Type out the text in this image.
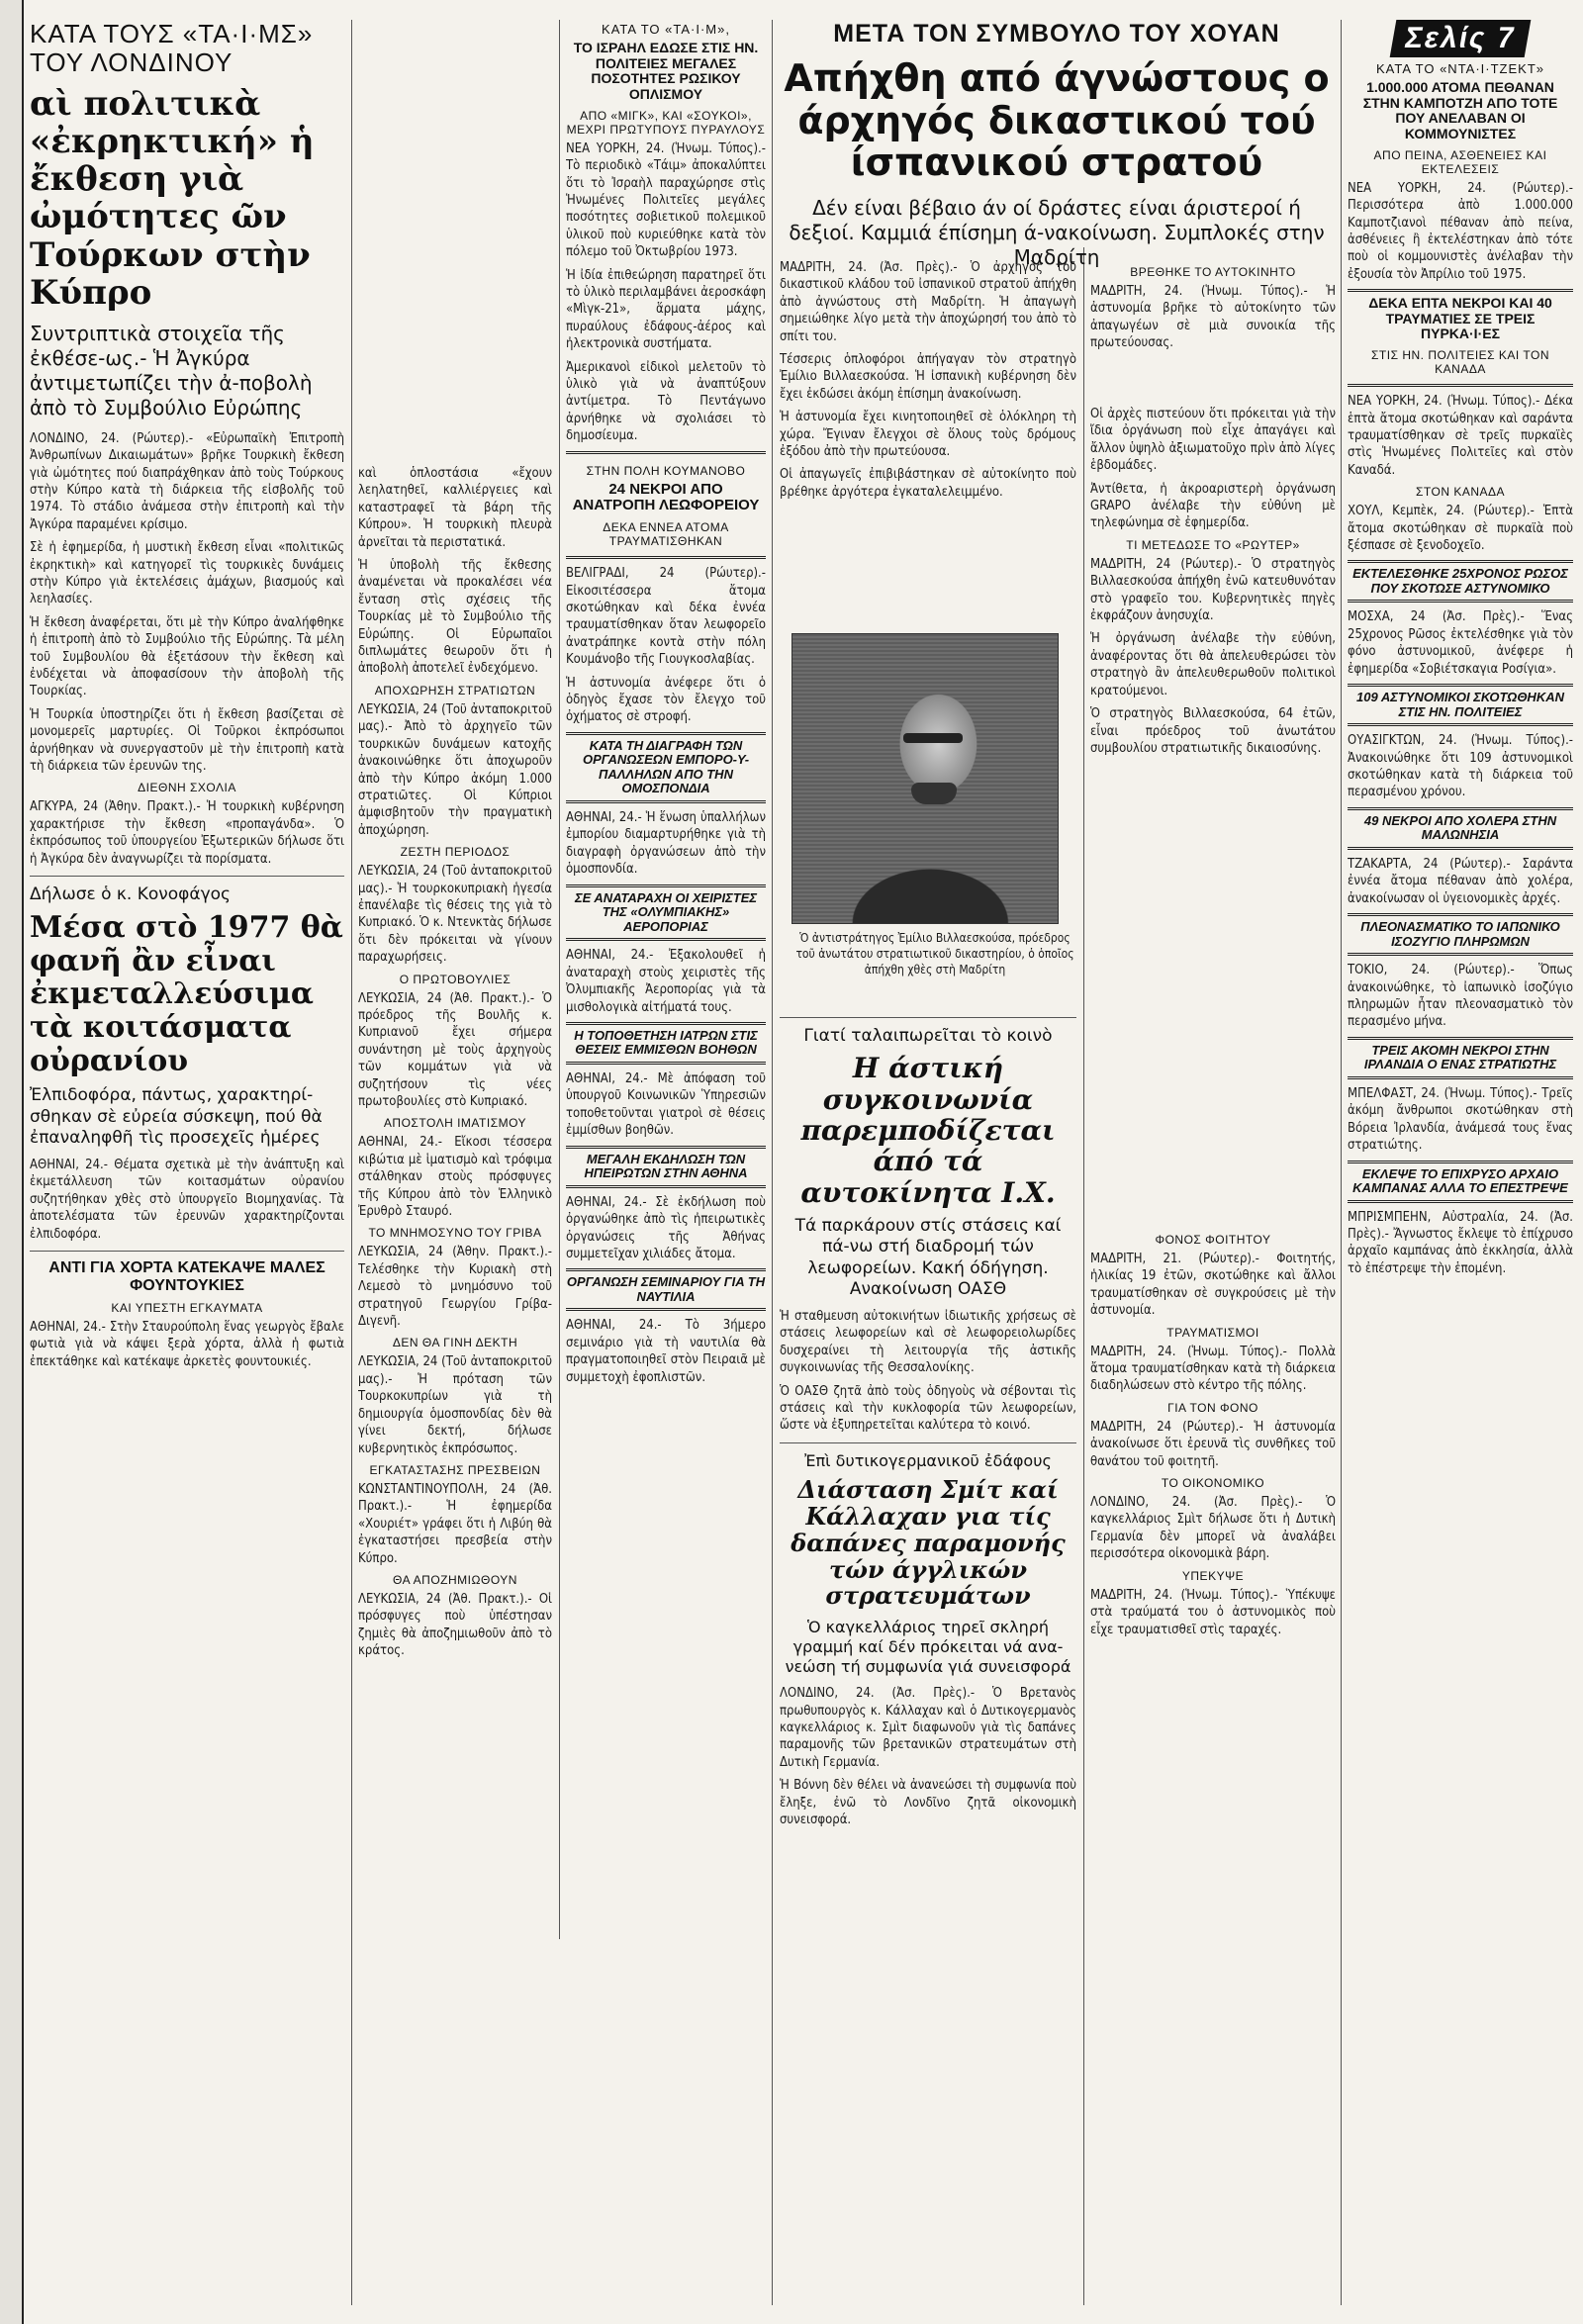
ΚΑΤΑ ΤΟΥΣ «ΤΑ·Ι·ΜΣ» ΤΟΥ ΛΟΝΔΙΝΟΥ
αὶ πολιτικὰ «ἐκρηκτική» ἡ ἔκθεση γιὰ ὠμότητες ῶν Τούρκων στὴν Κύπρο
Συντριπτικὰ στοιχεῖα τῆς ἐκθέσε-ως.- Ἡ Ἀγκύρα ἀντιμετωπίζει τὴν ἀ-ποβολὴ ἀπὸ τὸ Συμβούλιο Εὐρώπης

ΛΟΝΔΙΝΟ, 24. (Ρώυτερ).- «Εὐρωπαϊκὴ Ἐπιτροπὴ Ἀνθρωπίνων Δικαιωμάτων» βρῆκε Τουρκικὴ ἔκθεση γιὰ ὠμότητες πού διαπράχθηκαν ἀπὸ τοὺς Τούρκους στὴν Κύπρο κατὰ τὴ διάρκεια τῆς εἰσβολῆς τοῦ 1974. Τὸ στάδιο ἀνάμεσα στὴν ἐπιτροπὴ καὶ τὴν Ἀγκύρα παραμένει κρίσιμο.

Σὲ ἡ ἐφημερίδα, ἡ μυστικὴ ἔκθεση εἶναι «πολιτικῶς ἐκρηκτικὴ» καὶ κατηγορεῖ τὶς τουρκικὲς δυνάμεις στὴν Κύπρο γιὰ ἐκτελέσεις ἀμάχων, βιασμούς καὶ λεηλασίες.

Ἡ ἔκθεση ἀναφέρεται, ὅτι μὲ τὴν Κύπρο ἀναλήφθηκε ἡ ἐπιτροπὴ ἀπὸ τὸ Συμβούλιο τῆς Εὐρώπης. Τὰ μέλη τοῦ Συμβουλίου θὰ ἐξετάσουν τὴν ἔκθεση καὶ ἐνδέχεται νὰ ἀποφασίσουν τὴν ἀποβολὴ τῆς Τουρκίας.

Ἡ Τουρκία ὑποστηρίζει ὅτι ἡ ἔκθεση βασίζεται σὲ μονομερεῖς μαρτυρίες. Οἱ Τοῦρκοι ἐκπρόσωποι ἀρνήθηκαν νὰ συνεργαστοῦν μὲ τὴν ἐπιτροπὴ κατὰ τὴ διάρκεια τῶν ἐρευνῶν της.

ΔΙΕΘΝΗ ΣΧΟΛΙΑ

ΑΓΚΥΡΑ, 24 (Ἀθην. Πρακτ.).- Ἡ τουρκικὴ κυβέρνηση χαρακτήρισε τὴν ἔκθεση «προπαγάνδα». Ὁ ἐκπρόσωπος τοῦ ὑπουργείου Ἐξωτερικῶν δήλωσε ὅτι ἡ Ἀγκύρα δὲν ἀναγνωρίζει τὰ πορίσματα.

Δήλωσε ὁ κ. Κονοφάγος
Μέσα στὸ 1977 θὰ φανῆ ἂν εἶναι ἐκμεταλλεύσιμα τὰ κοιτάσματα οὐρανίου
Ἐλπιδοφόρα, πάντως, χαρακτηρί-σθηκαν σὲ εὐρεία σύσκεψη, πού θὰ ἐπαναληφθῆ τὶς προσεχεῖς ἡμέρες

ΑΘΗΝΑΙ, 24.- Θέματα σχετικὰ μὲ τὴν ἀνάπτυξη καὶ ἐκμετάλλευση τῶν κοιτασμάτων οὐρανίου συζητήθηκαν χθὲς στὸ ὑπουργεῖο Βιομηχανίας. Τὰ ἀποτελέσματα τῶν ἐρευνῶν χαρακτηρίζονται ἐλπιδοφόρα.

ΑΝΤΙ ΓΙΑ ΧΟΡΤΑ ΚΑΤΕΚΑΨΕ ΜΑΛΕΣ ΦΟΥΝΤΟΥΚΙΕΣ
ΚΑΙ ΥΠΕΣΤΗ ΕΓΚΑΥΜΑΤΑ

ΑΘΗΝΑΙ, 24.- Στὴν Σταυρούπολη ἕνας γεωργὸς ἔβαλε φωτιὰ γιὰ νὰ κάψει ξερὰ χόρτα, ἀλλὰ ἡ φωτιὰ ἐπεκτάθηκε καὶ κατέκαψε ἀρκετὲς φουντουκιές.

καὶ ὁπλοστάσια «ἔχουν λεηλατηθεῖ, καλλιέργειες καὶ καταστραφεῖ τὰ βάρη τῆς Κύπρου». Ἡ τουρκικὴ πλευρὰ ἀρνεῖται τὰ περιστατικά.

Ἡ ὑποβολὴ τῆς ἔκθεσης ἀναμένεται νὰ προκαλέσει νέα ἔνταση στὶς σχέσεις τῆς Τουρκίας μὲ τὸ Συμβούλιο τῆς Εὐρώπης. Οἱ Εὐρωπαῖοι διπλωμάτες θεωροῦν ὅτι ἡ ἀποβολὴ ἀποτελεῖ ἐνδεχόμενο.

ΑΠΟΧΩΡΗΣΗ ΣΤΡΑΤΙΩΤΩΝ

ΛΕΥΚΩΣΙΑ, 24 (Τοῦ ἀνταποκριτοῦ μας).- Ἀπὸ τὸ ἀρχηγεῖο τῶν τουρκικῶν δυνάμεων κατοχῆς ἀνακοινώθηκε ὅτι ἀποχωροῦν ἀπὸ τὴν Κύπρο ἀκόμη 1.000 στρατιῶτες. Οἱ Κύπριοι ἀμφισβητοῦν τὴν πραγματικὴ ἀποχώρηση.

ΖΕΣΤΗ ΠΕΡΙΟΔΟΣ

ΛΕΥΚΩΣΙΑ, 24 (Τοῦ ἀνταποκριτοῦ μας).- Ἡ τουρκοκυπριακὴ ἡγεσία ἐπανέλαβε τὶς θέσεις της γιὰ τὸ Κυπριακό. Ὁ κ. Ντενκτὰς δήλωσε ὅτι δὲν πρόκειται νὰ γίνουν παραχωρήσεις.

Ο ΠΡΩΤΟΒΟΥΛΙΕΣ

ΛΕΥΚΩΣΙΑ, 24 (Ἀθ. Πρακτ.).- Ὁ πρόεδρος τῆς Βουλῆς κ. Κυπριανοῦ ἔχει σήμερα συνάντηση μὲ τοὺς ἀρχηγοὺς τῶν κομμάτων γιὰ νὰ συζητήσουν τὶς νέες πρωτοβουλίες στὸ Κυπριακό.

ΑΠΟΣΤΟΛΗ ΙΜΑΤΙΣΜΟΥ

ΑΘΗΝΑΙ, 24.- Εἴκοσι τέσσερα κιβώτια μὲ ἱματισμὸ καὶ τρόφιμα στάλθηκαν στοὺς πρόσφυγες τῆς Κύπρου ἀπὸ τὸν Ἑλληνικὸ Ἐρυθρὸ Σταυρό.

ΤΟ ΜΝΗΜΟΣΥΝΟ ΤΟΥ ΓΡΙΒΑ

ΛΕΥΚΩΣΙΑ, 24 (Ἀθην. Πρακτ.).- Τελέσθηκε τὴν Κυριακὴ στὴ Λεμεσὸ τὸ μνημόσυνο τοῦ στρατηγοῦ Γεωργίου Γρίβα-Διγενῆ.

ΔΕΝ ΘΑ ΓΙΝΗ ΔΕΚΤΗ

ΛΕΥΚΩΣΙΑ, 24 (Τοῦ ἀνταποκριτοῦ μας).- Ἡ πρόταση τῶν Τουρκοκυπρίων γιὰ τὴ δημιουργία ὁμοσπονδίας δὲν θὰ γίνει δεκτή, δήλωσε κυβερνητικὸς ἐκπρόσωπος.

ΕΓΚΑΤΑΣΤΑΣΗΣ ΠΡΕΣΒΕΙΩΝ

ΚΩΝΣΤΑΝΤΙΝΟΥΠΟΛΗ, 24 (Ἀθ. Πρακτ.).- Ἡ ἐφημερίδα «Χουριέτ» γράφει ὅτι ἡ Λιβύη θὰ ἐγκαταστήσει πρεσβεία στὴν Κύπρο.

ΘΑ ΑΠΟΖΗΜΙΩΘΟΥΝ

ΛΕΥΚΩΣΙΑ, 24 (Ἀθ. Πρακτ.).- Οἱ πρόσφυγες ποὺ ὑπέστησαν ζημιὲς θὰ ἀποζημιωθοῦν ἀπὸ τὸ κράτος.

ΚΑΤΑ ΤΟ «ΤΑ·Ι·Μ»,
ΤΟ ΙΣΡΑΗΛ ΕΔΩΣΕ ΣΤΙΣ ΗΝ. ΠΟΛΙΤΕΙΕΣ ΜΕΓΑΛΕΣ ΠΟΣΟΤΗΤΕΣ ΡΩΣΙΚΟΥ ΟΠΛΙΣΜΟΥ
ΑΠΟ «ΜΙΓΚ», ΚΑΙ «ΣΟΥΚΟΙ», ΜΕΧΡΙ ΠΡΩΤΥΠΟΥΣ ΠΥΡΑΥΛΟΥΣ

ΝΕΑ ΥΟΡΚΗ, 24. (Ἡνωμ. Τύπος).- Τὸ περιοδικὸ «Τάιμ» ἀποκαλύπτει ὅτι τὸ Ἰσραὴλ παραχώρησε στὶς Ἡνωμένες Πολιτεῖες μεγάλες ποσότητες σοβιετικοῦ πολεμικοῦ ὑλικοῦ ποὺ κυριεύθηκε κατὰ τὸν πόλεμο τοῦ Ὀκτωβρίου 1973.

Ἡ ἰδία ἐπιθεώρηση παρατηρεῖ ὅτι τὸ ὑλικὸ περιλαμβάνει ἀεροσκάφη «Μὶγκ-21», ἅρματα μάχης, πυραύλους ἐδάφους-ἀέρος καὶ ἠλεκτρονικὰ συστήματα.

Ἀμερικανοὶ εἰδικοὶ μελετοῦν τὸ ὑλικὸ γιὰ νὰ ἀναπτύξουν ἀντίμετρα. Τὸ Πεντάγωνο ἀρνήθηκε νὰ σχολιάσει τὸ δημοσίευμα.

ΣΤΗΝ ΠΟΛΗ ΚΟΥΜΑΝΟΒΟ
24 ΝΕΚΡΟΙ ΑΠΟ ΑΝΑΤΡΟΠΗ ΛΕΩΦΟΡΕΙΟΥ
ΔΕΚΑ ΕΝΝΕΑ ΑΤΟΜΑ ΤΡΑΥΜΑΤΙΣΘΗΚΑΝ

ΒΕΛΙΓΡΑΔΙ, 24 (Ρώυτερ).- Εἰκοσιτέσσερα ἄτομα σκοτώθηκαν καὶ δέκα ἐννέα τραυματίσθηκαν ὅταν λεωφορεῖο ἀνατράπηκε κοντὰ στὴν πόλη Κουμάνοβο τῆς Γιουγκοσλαβίας.

Ἡ ἀστυνομία ἀνέφερε ὅτι ὁ ὁδηγὸς ἔχασε τὸν ἔλεγχο τοῦ ὀχήματος σὲ στροφή.

ΚΑΤΑ ΤΗ ΔΙΑΓΡΑΦΗ ΤΩΝ ΟΡΓΑΝΩΣΕΩΝ ΕΜΠΟΡΟ-Υ-ΠΑΛΛΗΛΩΝ ΑΠΟ ΤΗΝ ΟΜΟΣΠΟΝΔΙΑ

ΑΘΗΝΑΙ, 24.- Ἡ ἕνωση ὑπαλλήλων ἐμπορίου διαμαρτυρήθηκε γιὰ τὴ διαγραφὴ ὀργανώσεων ἀπὸ τὴν ὁμοσπονδία.

ΣΕ ΑΝΑΤΑΡΑΧΗ ΟΙ ΧΕΙΡΙΣΤΕΣ ΤΗΣ «ΟΛΥΜΠΙΑΚΗΣ» ΑΕΡΟΠΟΡΙΑΣ

ΑΘΗΝΑΙ, 24.- Ἐξακολουθεῖ ἡ ἀναταραχὴ στοὺς χειριστὲς τῆς Ὀλυμπιακῆς Ἀεροπορίας γιὰ τὰ μισθολογικὰ αἰτήματά τους.

Η ΤΟΠΟΘΕΤΗΣΗ ΙΑΤΡΩΝ ΣΤΙΣ ΘΕΣΕΙΣ ΕΜΜΙΣΘΩΝ ΒΟΗΘΩΝ

ΑΘΗΝΑΙ, 24.- Μὲ ἀπόφαση τοῦ ὑπουργοῦ Κοινωνικῶν Ὑπηρεσιῶν τοποθετοῦνται γιατροὶ σὲ θέσεις ἐμμίσθων βοηθῶν.

ΜΕΓΑΛΗ ΕΚΔΗΛΩΣΗ ΤΩΝ ΗΠΕΙΡΩΤΩΝ ΣΤΗΝ ΑΘΗΝΑ

ΑΘΗΝΑΙ, 24.- Σὲ ἐκδήλωση ποὺ ὀργανώθηκε ἀπὸ τὶς ἠπειρωτικὲς ὀργανώσεις τῆς Ἀθήνας συμμετεῖχαν χιλιάδες ἄτομα.

ΟΡΓΑΝΩΣΗ ΣΕΜΙΝΑΡΙΟΥ ΓΙΑ ΤΗ ΝΑΥΤΙΛΙΑ

ΑΘΗΝΑΙ, 24.- Τὸ 3ήμερο σεμινάριο γιὰ τὴ ναυτιλία θὰ πραγματοποιηθεῖ στὸν Πειραιᾶ μὲ συμμετοχὴ ἐφοπλιστῶν.

ΜΕΤΑ ΤΟΝ ΣΥΜΒΟΥΛΟ ΤΟΥ ΧΟΥΑΝ
Απήχθη από άγνώστους ο άρχηγός δικαστικού τού ίσπανικού στρατού
Δέν είναι βέβαιο άν οί δράστες είναι άριστεροί ή δεξιοί. Καμμιά έπίσημη ά-νακοίνωση. Συμπλοκές στην Μαδρίτη

ΜΑΔΡΙΤΗ, 24. (Ἀσ. Πρὲς).- Ὁ ἀρχηγὸς τοῦ δικαστικοῦ κλάδου τοῦ ἰσπανικοῦ στρατοῦ ἀπήχθη ἀπὸ ἀγνώστους στὴ Μαδρίτη. Ἡ ἀπαγωγὴ σημειώθηκε λίγο μετὰ τὴν ἀποχώρησή του ἀπὸ τὸ σπίτι του.

Τέσσερις ὁπλοφόροι ἀπήγαγαν τὸν στρατηγὸ Ἐμίλιο Βιλλαεσκούσα. Ἡ ἰσπανικὴ κυβέρνηση δὲν ἔχει ἐκδώσει ἀκόμη ἐπίσημη ἀνακοίνωση.

Ἡ ἀστυνομία ἔχει κινητοποιηθεῖ σὲ ὁλόκληρη τὴ χώρα. Ἔγιναν ἔλεγχοι σὲ ὅλους τοὺς δρόμους ἐξόδου ἀπὸ τὴν πρωτεύουσα.

Οἱ ἀπαγωγεῖς ἐπιβιβάστηκαν σὲ αὐτοκίνητο ποὺ βρέθηκε ἀργότερα ἐγκαταλελειμμένο.

ΒΡΕΘΗΚΕ ΤΟ ΑΥΤΟΚΙΝΗΤΟ

ΜΑΔΡΙΤΗ, 24. (Ἡνωμ. Τύπος).- Ἡ ἀστυνομία βρῆκε τὸ αὐτοκίνητο τῶν ἀπαγωγέων σὲ μιὰ συνοικία τῆς πρωτεύουσας.

Ὁ ἀντιστράτηγος Ἐμίλιο Βιλλαεσκούσα, πρόεδρος τοῦ ἀνωτάτου στρατιωτικοῦ δικαστηρίου, ὁ ὁποῖος ἀπήχθη χθὲς στὴ Μαδρίτη

Οἱ ἀρχὲς πιστεύουν ὅτι πρόκειται γιὰ τὴν ἴδια ὀργάνωση ποὺ εἶχε ἀπαγάγει καὶ ἄλλον ὑψηλὸ ἀξιωματοῦχο πρὶν ἀπὸ λίγες ἑβδομάδες.

Ἀντίθετα, ἡ ἀκροαριστερὴ ὀργάνωση GRAPO ἀνέλαβε τὴν εὐθύνη μὲ τηλεφώνημα σὲ ἐφημερίδα.

ΤΙ ΜΕΤΕΔΩΣΕ ΤΟ «ΡΩΥΤΕΡ»

ΜΑΔΡΙΤΗ, 24 (Ρώυτερ).- Ὁ στρατηγὸς Βιλλαεσκούσα ἀπήχθη ἐνῶ κατευθυνόταν στὸ γραφεῖο του. Κυβερνητικὲς πηγὲς ἐκφράζουν ἀνησυχία.

Ἡ ὀργάνωση ἀνέλαβε τὴν εὐθύνη, ἀναφέροντας ὅτι θὰ ἀπελευθερώσει τὸν στρατηγὸ ἂν ἀπελευθερωθοῦν πολιτικοὶ κρατούμενοι.

Ὁ στρατηγὸς Βιλλαεσκούσα, 64 ἐτῶν, εἶναι πρόεδρος τοῦ ἀνωτάτου συμβουλίου στρατιωτικῆς δικαιοσύνης.

Γιατί ταλαιπωρεῖται τὸ κοινὸ
Η άστική συγκοινωνία παρεμποδίζεται άπό τά αυτοκίνητα Ι.Χ.
Τά παρκάρουν στίς στάσεις καί πά-νω στή διαδρομή τών λεωφορείων. Κακή όδήγηση. Ανακοίνωση ΟΑΣΘ

Ἡ σταθμευση αὐτοκινήτων ἰδιωτικῆς χρήσεως σὲ στάσεις λεωφορείων καὶ σὲ λεωφορειολωρίδες δυσχεραίνει τὴ λειτουργία τῆς ἀστικῆς συγκοινωνίας τῆς Θεσσαλονίκης.

Ὁ ΟΑΣΘ ζητᾶ ἀπὸ τοὺς ὁδηγοὺς νὰ σέβονται τὶς στάσεις καὶ τὴν κυκλοφορία τῶν λεωφορείων, ὥστε νὰ ἐξυπηρετεῖται καλύτερα τὸ κοινό.

Ἐπὶ δυτικογερμανικοῦ ἐδάφους
Διάσταση Σμίτ καί Κάλλαχαν για τίς δαπάνες παραμονής τών άγγλικών στρατευμάτων
Ὁ καγκελλάριος τηρεῖ σκληρή γραμμή καί δέν πρόκειται νά ανα-νεώση τή συμφωνία γιά συνεισφορά

ΛΟΝΔΙΝΟ, 24. (Ἀσ. Πρὲς).- Ὁ Βρετανὸς πρωθυπουργὸς κ. Κάλλαχαν καὶ ὁ Δυτικογερμανὸς καγκελλάριος κ. Σμὶτ διαφωνοῦν γιὰ τὶς δαπάνες παραμονῆς τῶν βρετανικῶν στρατευμάτων στὴ Δυτικὴ Γερμανία.

Ἡ Βόννη δὲν θέλει νὰ ἀνανεώσει τὴ συμφωνία ποὺ ἔληξε, ἐνῶ τὸ Λονδῖνο ζητᾶ οἰκονομικὴ συνεισφορά.

ΦΟΝΟΣ ΦΟΙΤΗΤΟΥ

ΜΑΔΡΙΤΗ, 21. (Ρώυτερ).- Φοιτητής, ἡλικίας 19 ἐτῶν, σκοτώθηκε καὶ ἄλλοι τραυματίσθηκαν σὲ συγκρούσεις μὲ τὴν ἀστυνομία.

ΤΡΑΥΜΑΤΙΣΜΟΙ

ΜΑΔΡΙΤΗ, 24. (Ἡνωμ. Τύπος).- Πολλὰ ἄτομα τραυματίσθηκαν κατὰ τὴ διάρκεια διαδηλώσεων στὸ κέντρο τῆς πόλης.

ΓΙΑ ΤΟΝ ΦΟΝΟ

ΜΑΔΡΙΤΗ, 24 (Ρώυτερ).- Ἡ ἀστυνομία ἀνακοίνωσε ὅτι ἐρευνᾶ τὶς συνθῆκες τοῦ θανάτου τοῦ φοιτητῆ.

ΤΟ ΟΙΚΟΝΟΜΙΚΟ

ΛΟΝΔΙΝΟ, 24. (Ἀσ. Πρὲς).- Ὁ καγκελλάριος Σμὶτ δήλωσε ὅτι ἡ Δυτικὴ Γερμανία δὲν μπορεῖ νὰ ἀναλάβει περισσότερα οἰκονομικὰ βάρη.

ΥΠΕΚΥΨΕ

ΜΑΔΡΙΤΗ, 24. (Ἡνωμ. Τύπος).- Ὑπέκυψε στὰ τραύματά του ὁ ἀστυνομικὸς ποὺ εἶχε τραυματισθεῖ στὶς ταραχές.

Σελίς 7
ΚΑΤΑ ΤΟ «ΝΤΑ·Ι·ΤΖΕΚΤ»
1.000.000 ΑΤΟΜΑ ΠΕΘΑΝΑΝ ΣΤΗΝ ΚΑΜΠΟΤΖΗ ΑΠΟ ΤΟΤΕ ΠΟΥ ΑΝΕΛΑΒΑΝ ΟΙ ΚΟΜΜΟΥΝΙΣΤΕΣ
ΑΠΟ ΠΕΙΝΑ, ΑΣΘΕΝΕΙΕΣ ΚΑΙ ΕΚΤΕΛΕΣΕΙΣ

ΝΕΑ ΥΟΡΚΗ, 24. (Ρώυτερ).- Περισσότερα ἀπὸ 1.000.000 Καμποτζιανοὶ πέθαναν ἀπὸ πείνα, ἀσθένειες ἢ ἐκτελέστηκαν ἀπὸ τότε ποὺ οἱ κομμουνιστὲς ἀνέλαβαν τὴν ἐξουσία τὸν Ἀπρίλιο τοῦ 1975.

ΔΕΚΑ ΕΠΤΑ ΝΕΚΡΟΙ ΚΑΙ 40 ΤΡΑΥΜΑΤΙΕΣ ΣΕ ΤΡΕΙΣ ΠΥΡΚΑ·Ι·ΕΣ
ΣΤΙΣ ΗΝ. ΠΟΛΙΤΕΙΕΣ ΚΑΙ ΤΟΝ ΚΑΝΑΔΑ

ΝΕΑ ΥΟΡΚΗ, 24. (Ἡνωμ. Τύπος).- Δέκα ἑπτὰ ἄτομα σκοτώθηκαν καὶ σαράντα τραυματίσθηκαν σὲ τρεῖς πυρκαϊὲς στὶς Ἡνωμένες Πολιτεῖες καὶ στὸν Καναδά.

ΣΤΟΝ ΚΑΝΑΔΑ

ΧΟΥΛ, Κεμπὲκ, 24. (Ρώυτερ).- Ἑπτὰ ἄτομα σκοτώθηκαν σὲ πυρκαϊὰ ποὺ ξέσπασε σὲ ξενοδοχεῖο.

ΕΚΤΕΛΕΣΘΗΚΕ 25ΧΡΟΝΟΣ ΡΩΣΟΣ ΠΟΥ ΣΚΟΤΩΣΕ ΑΣΤΥΝΟΜΙΚΟ

ΜΟΣΧΑ, 24 (Ἀσ. Πρὲς).- Ἕνας 25χρονος Ρῶσος ἐκτελέσθηκε γιὰ τὸν φόνο ἀστυνομικοῦ, ἀνέφερε ἡ ἐφημερίδα «Σοβιέτσκαγια Ροσίγια».

109 ΑΣΤΥΝΟΜΙΚΟΙ ΣΚΟΤΩΘΗΚΑΝ ΣΤΙΣ ΗΝ. ΠΟΛΙΤΕΙΕΣ

ΟΥΑΣΙΓΚΤΩΝ, 24. (Ἡνωμ. Τύπος).- Ἀνακοινώθηκε ὅτι 109 ἀστυνομικοὶ σκοτώθηκαν κατὰ τὴ διάρκεια τοῦ περασμένου χρόνου.

49 ΝΕΚΡΟΙ ΑΠΟ ΧΟΛΕΡΑ ΣΤΗΝ ΜΑΛΩΝΗΣΙΑ

ΤΖΑΚΑΡΤΑ, 24 (Ρώυτερ).- Σαράντα ἐννέα ἄτομα πέθαναν ἀπὸ χολέρα, ἀνακοίνωσαν οἱ ὑγειονομικὲς ἀρχές.

ΠΛΕΟΝΑΣΜΑΤΙΚΟ ΤΟ ΙΑΠΩΝΙΚΟ ΙΣΟΖΥΓΙΟ ΠΛΗΡΩΜΩΝ

ΤΟΚΙΟ, 24. (Ρώυτερ).- Ὅπως ἀνακοινώθηκε, τὸ ἰαπωνικὸ ἰσοζύγιο πληρωμῶν ἦταν πλεονασματικὸ τὸν περασμένο μήνα.

ΤΡΕΙΣ ΑΚΟΜΗ ΝΕΚΡΟΙ ΣΤΗΝ ΙΡΛΑΝΔΙΑ Ο ΕΝΑΣ ΣΤΡΑΤΙΩΤΗΣ

ΜΠΕΛΦΑΣΤ, 24. (Ἡνωμ. Τύπος).- Τρεῖς ἀκόμη ἄνθρωποι σκοτώθηκαν στὴ Βόρεια Ἰρλανδία, ἀνάμεσά τους ἕνας στρατιώτης.

ΕΚΛΕΨΕ ΤΟ ΕΠΙΧΡΥΣΟ ΑΡΧΑΙΟ ΚΑΜΠΑΝΑΣ ΑΛΛΑ ΤΟ ΕΠΕΣΤΡΕΨΕ

ΜΠΡΙΣΜΠΕΗΝ, Αὐστραλία, 24. (Ἀσ. Πρὲς).- Ἄγνωστος ἔκλεψε τὸ ἐπίχρυσο ἀρχαῖο καμπάνας ἀπὸ ἐκκλησία, ἀλλὰ τὸ ἐπέστρεψε τὴν ἑπομένη.
